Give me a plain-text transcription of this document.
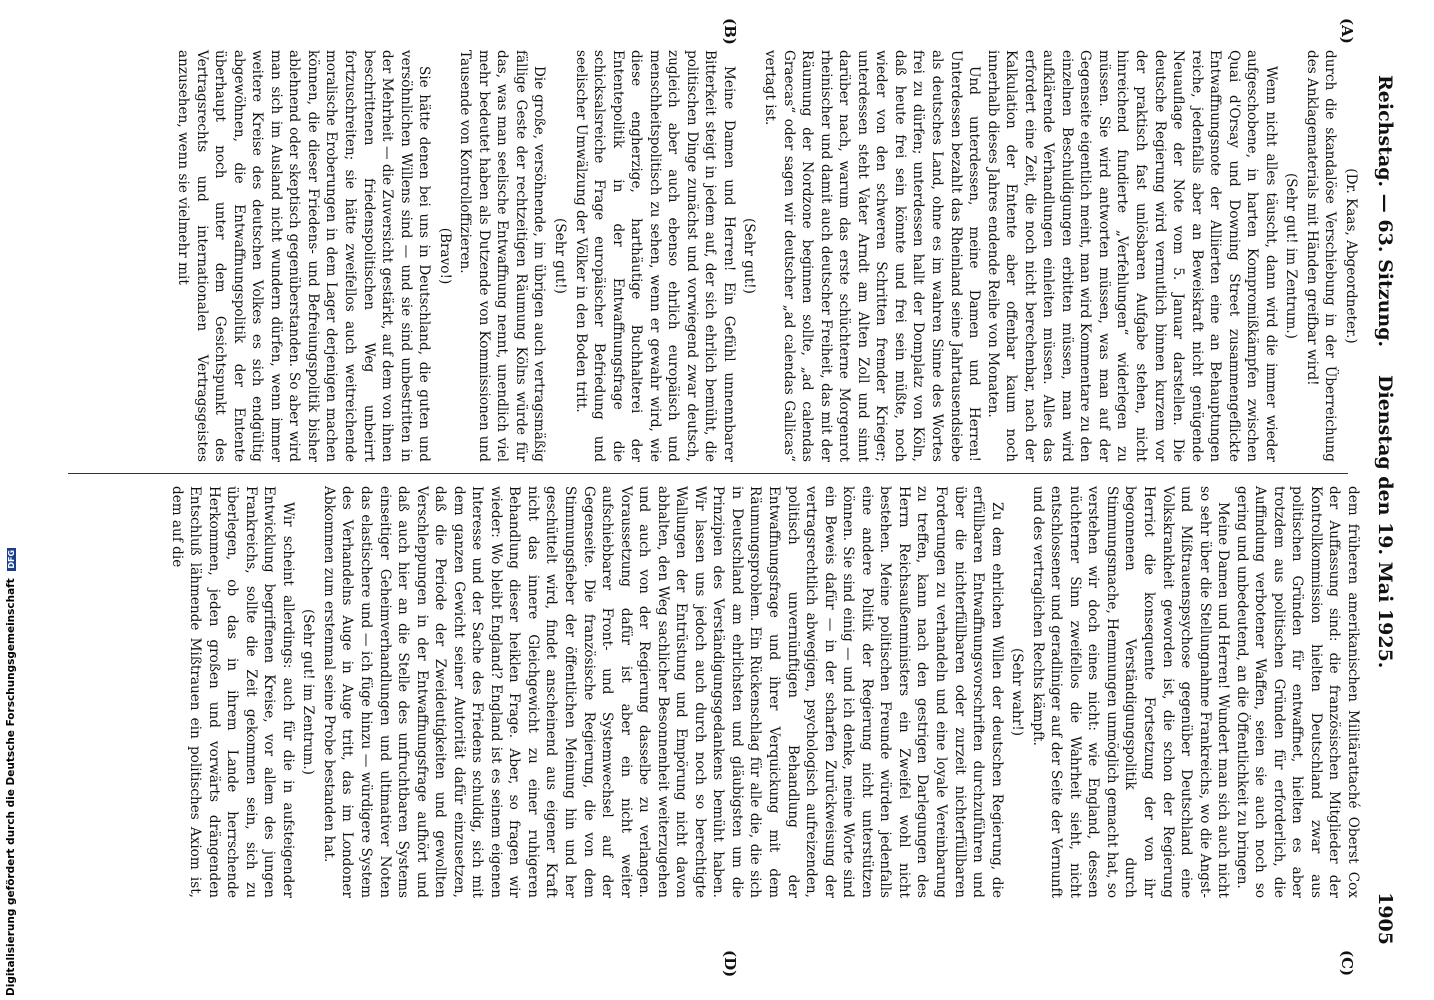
Reichstag. — 63. Sitzung.
Dienstag den 19. Mai 1925.
1905
(A)
(B)
(C)
(D)

(Dr. Kaas, Abgeordneter.)

durch die skandalöse Verschiebung in der Überreichung des Anklagematerials mit Händen greifbar wird!

(Sehr gut! im Zentrum.)

Wenn nicht alles täuscht, dann wird die immer wieder aufgeschobene, in harten Kompromißkämpfen zwischen Quai d'Orsay und Downing Street zusammengeflickte Entwaffnungsnote der Alliierten eine an Behauptungen reiche, jedenfalls aber an Beweiskraft nicht genügende Neuauflage der Note vom 5. Januar darstellen. Die deutsche Regierung wird vermutlich binnen kurzem vor der praktisch fast unlösbaren Aufgabe stehen, nicht hinreichend fundierte „Verfehlungen“ widerlegen zu müssen. Sie wird antworten müssen, was man auf der Gegenseite eigentlich meint, man wird Kommentare zu den einzelnen Beschuldigungen erbitten müssen, man wird aufklärende Verhandlungen einleiten müssen. Alles das erfordert eine Zeit, die noch nicht berechenbar, nach der Kalkulation der Entente aber offenbar kaum noch innerhalb dieses Jahres endende Reihe von Monaten.

Und unterdessen, meine Damen und Herren! Unterdessen bezahlt das Rheinland seine Jahrtausendsiebe als deutsches Land, ohne es im wahren Sinne des Wortes frei zu dürfen; unterdessen hallt der Domplatz von Köln, daß heute frei sein könnte und frei sein müßte, noch wieder von den schweren Schritten fremder Krieger; unterdessen steht Vater Arndt am Alten Zoll und sinnt darüber nach, warum das erste schüchterne Morgenrot rheinischer und damit auch deutscher Freiheit, das mit der Räumung der Nordzone beginnen sollte, „ad calendas Graecas“ oder sagen wir deutscher „ad calendas Gallicas“ vertagt ist.

(Sehr gut!)

Meine Damen und Herren! Ein Gefühl unnennbarer Bitterkeit steigt in jedem auf, der sich ehrlich bemüht, die politischen Dinge zunächst und vorwiegend zwar deutsch, zugleich aber auch ebenso ehrlich europäisch und menschheitspolitisch zu sehen, wenn er gewahr wird, wie diese engherzige, harthäutige Buchhalterei der Ententepolitik in der Entwaffnungsfrage die schicksalsreiche Frage europäischer Befriedung und seelischer Umwälzung der Völker in den Boden tritt.

(Sehr gut!)

Die große, versöhnende, im übrigen auch vertragsmäßig fällige Geste der rechtzeitigen Räumung Kölns würde für das, was man seelische Entwaffnung nennt, unendlich viel mehr bedeutet haben als Dutzende von Kommissionen und Tausende von Kontrolloffizieren.

(Bravo!)

Sie hätte denen bei uns in Deutschland, die guten und versöhnlichen Willens sind — und sie sind unbestritten in der Mehrheit — die Zuversicht gestärkt, auf dem von ihnen beschrittenen friedenspolitischen Weg unbeirrt fortzuschreiten; sie hätte zweifellos auch weitreichende moralische Eroberungen in dem Lager derjenigen machen können, die dieser Friedens- und Befreiungspolitik bisher ablehnend oder skeptisch gegenüberstanden. So aber wird man sich im Ausland nicht wundern dürfen, wenn immer weitere Kreise des deutschen Volkes es sich endgültig abgewöhnen, die Entwaffnungspolitik der Entente überhaupt noch unter dem Gesichtspunkt des Vertragsrechts und internationalen Vertragsgeistes anzusehen, wenn sie vielmehr mit

dem früheren amerikanischen Militärattaché Oberst Cox der Auffassung sind: die französischen Mitglieder der Kontrollkommission hielten Deutschland zwar aus politischen Gründen für entwaffnet, hielten es aber trotzdem aus politischen Gründen für erforderlich, die Auffindung verbotener Waffen, seien sie auch noch so gering und unbedeutend, an die Öffentlichkeit zu bringen.

Meine Damen und Herren! Wundert man sich auch nicht so sehr über die Stellungnahme Frankreichs, wo die Angst- und Mißtrauenspsychose gegenüber Deutschland eine Volkskrankheit geworden ist, die schon der Regierung Herriot die konsequente Fortsetzung der von ihr begonnenen Verständigungspolitik durch Stimmungsmache, Hemmungen unmöglich gemacht hat, so verstehen wir doch eines nicht: wie England, dessen nüchterner Sinn zweifellos die Wahrheit sieht, nicht entschlossener und geradliniger auf der Seite der Vernunft und des vertraglichen Rechts kämpft.

(Sehr wahr!)

Zu dem ehrlichen Willen der deutschen Regierung, die erfüllbaren Entwaffnungsvorschriften durchzuführen und über die nichterfüllbaren oder zurzeit nichterfüllbaren Forderungen zu verhandeln und eine loyale Vereinbarung zu treffen, kann nach den gestrigen Darlegungen des Herrn Reichsaußenministers ein Zweifel wohl nicht bestehen. Meine politischen Freunde würden jedenfalls eine andere Politik der Regierung nicht unterstützen können. Sie sind einig — und ich denke, meine Worte sind ein Beweis dafür — in der scharfen Zurückweisung der vertragsrechtlich abwegigen, psychologisch aufreizenden, politisch unvernünftigen Behandlung der Entwaffnungsfrage und ihrer Verquickung mit dem Räumungsproblem. Ein Rückenschlag für alle die, die sich in Deutschland am ehrlichsten und gläubigsten um die Prinzipien des Verständigungsgedankens bemüht haben. Wir lassen uns jedoch auch durch noch so berechtigte Wallungen der Entrüstung und Empörung nicht davon abhalten, den Weg sachlicher Besonnenheit weiterzugehen und auch von der Regierung dasselbe zu verlangen. Voraussetzung dafür ist aber ein nicht weiter aufschiebbarer Front- und Systemwechsel auf der Gegenseite. Die französische Regierung, die von dem Stimmungsfieber der öffentlichen Meinung hin und her geschüttelt wird, findet anscheinend aus eigener Kraft nicht das innere Gleichgewicht zu einer ruhigeren Behandlung dieser heiklen Frage. Aber, so fragen wir wieder: Wo bleibt England? England ist es seinem eigenen Interesse und der Sache des Friedens schuldig, sich mit dem ganzen Gewicht seiner Autorität dafür einzusetzen, daß die Periode der Zweideutigkeiten und gewollten Verschleppungen in der Entwaffnungsfrage aufhört und daß auch hier an die Stelle des unfruchtbaren Systems einseitiger Geheimverhandlungen und ultimativer Noten das elastischere und — ich füge hinzu — würdigere System des Verhandelns Auge in Auge tritt, das im Londoner Abkommen zum erstenmal seine Probe bestanden hat.

(Sehr gut! im Zentrum.)

Wir scheint allerdings: auch für die in aufsteigender Entwicklung begriffenen Kreise, vor allem des jungen Frankreichs, sollte die Zeit gekommen sein, sich zu überlegen, ob das in ihrem Lande herrschende Herkommen, jeden großen und vorwärts drängenden Entschluß lähmende Mißtrauen ein politisches Axiom ist, dem auf die

Digitalisierung gefördert durch die Deutsche Forschungsgemeinschaft DFG
